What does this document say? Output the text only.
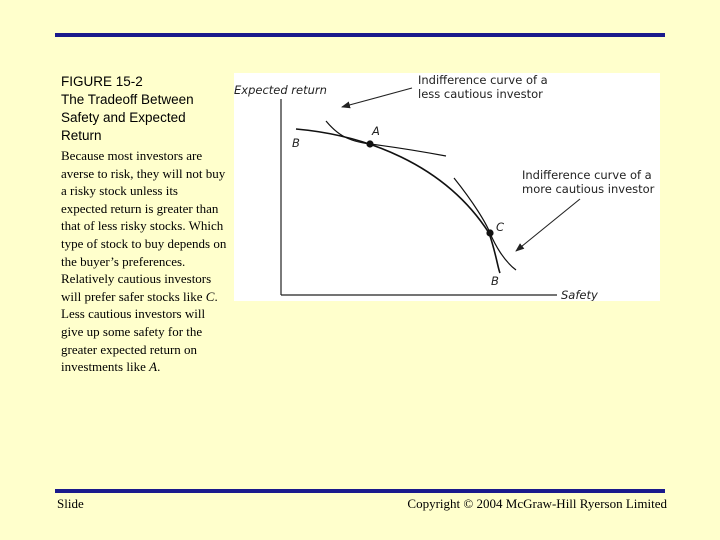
FIGURE 15-2
The Tradeoff Between
Safety and Expected
Return

Because most investors are averse to risk, they will not buy a risky stock unless its expected return is greater than that of less risky stocks. Which type of stock to buy depends on the buyer’s preferences. Relatively cautious investors will prefer safer stocks like C. Less cautious investors will give up some safety for the greater expected return on investments like A.

Expected return
Safety
A
C
B
B
Indifference curve of a
less cautious investor
Indifference curve of a
more cautious investor
Slide	Copyright © 2004 McGraw-Hill Ryerson Limited
